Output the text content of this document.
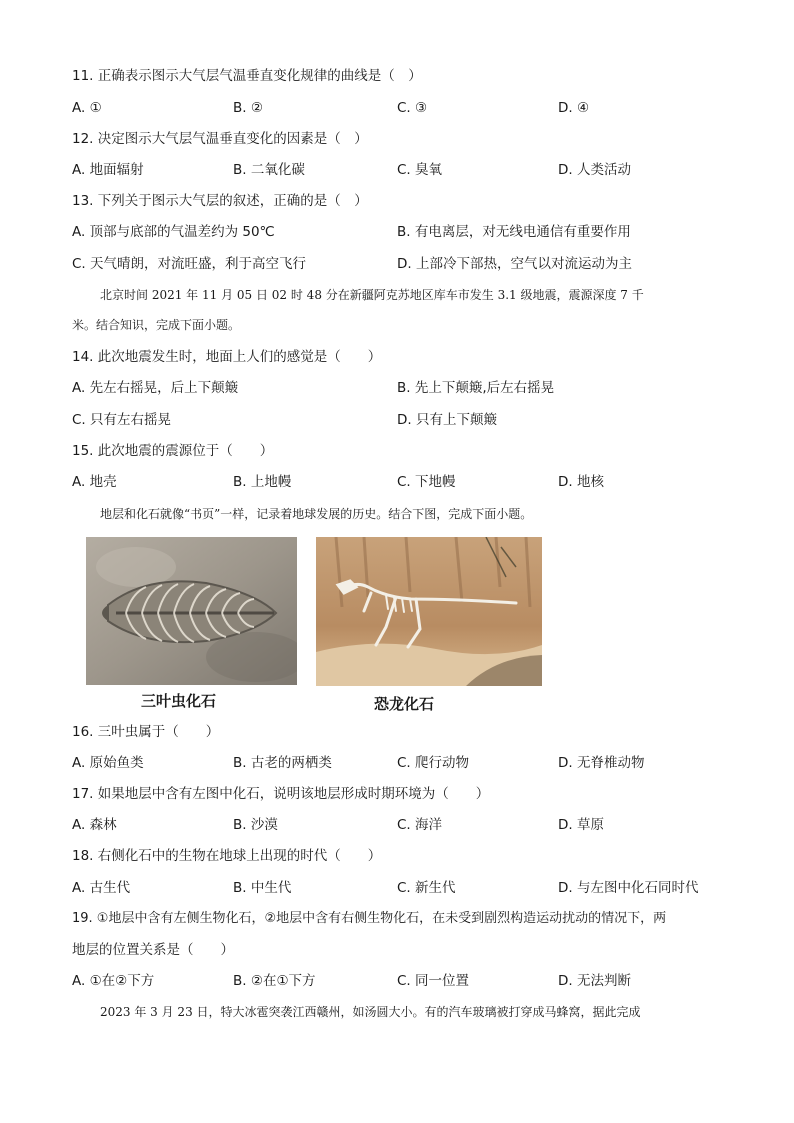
11. 正确表示图示大气层气温垂直变化规律的曲线是（　）
A. ①	B. ②	C. ③	D. ④
12. 决定图示大气层气温垂直变化的因素是（　）
A. 地面辐射	B. 二氧化碳	C. 臭氧	D. 人类活动
13. 下列关于图示大气层的叙述，正确的是（　）
A. 顶部与底部的气温差约为 50℃	B. 有电离层，对无线电通信有重要作用
C. 天气晴朗，对流旺盛，利于高空飞行	D. 上部冷下部热，空气以对流运动为主
北京时间 2021 年 11 月 05 日 02 时 48 分在新疆阿克苏地区库车市发生 3.1 级地震，震源深度 7 千
米。结合知识，完成下面小题。
14. 此次地震发生时，地面上人们的感觉是（　　）
A. 先左右摇晃，后上下颠簸	B. 先上下颠簸,后左右摇晃
C. 只有左右摇晃	D. 只有上下颠簸
15. 此次地震的震源位于（　　）
A. 地壳	B. 上地幔	C. 下地幔	D. 地核
地层和化石就像“书页”一样，记录着地球发展的历史。结合下图，完成下面小题。
三叶虫化石	恐龙化石
16. 三叶虫属于（　　）
A. 原始鱼类	B. 古老的两栖类	C. 爬行动物	D. 无脊椎动物
17. 如果地层中含有左图中化石，说明该地层形成时期环境为（　　）
A. 森林	B. 沙漠	C. 海洋	D. 草原
18. 右侧化石中的生物在地球上出现的时代（　　）
A. 古生代	B. 中生代	C. 新生代	D. 与左图中化石同时代
19. ①地层中含有左侧生物化石，②地层中含有右侧生物化石，在未受到剧烈构造运动扰动的情况下，两
地层的位置关系是（　　）
A. ①在②下方	B. ②在①下方	C. 同一位置	D. 无法判断
2023 年 3 月 23 日，特大冰雹突袭江西赣州，如汤圆大小。有的汽车玻璃被打穿成马蜂窝，据此完成
